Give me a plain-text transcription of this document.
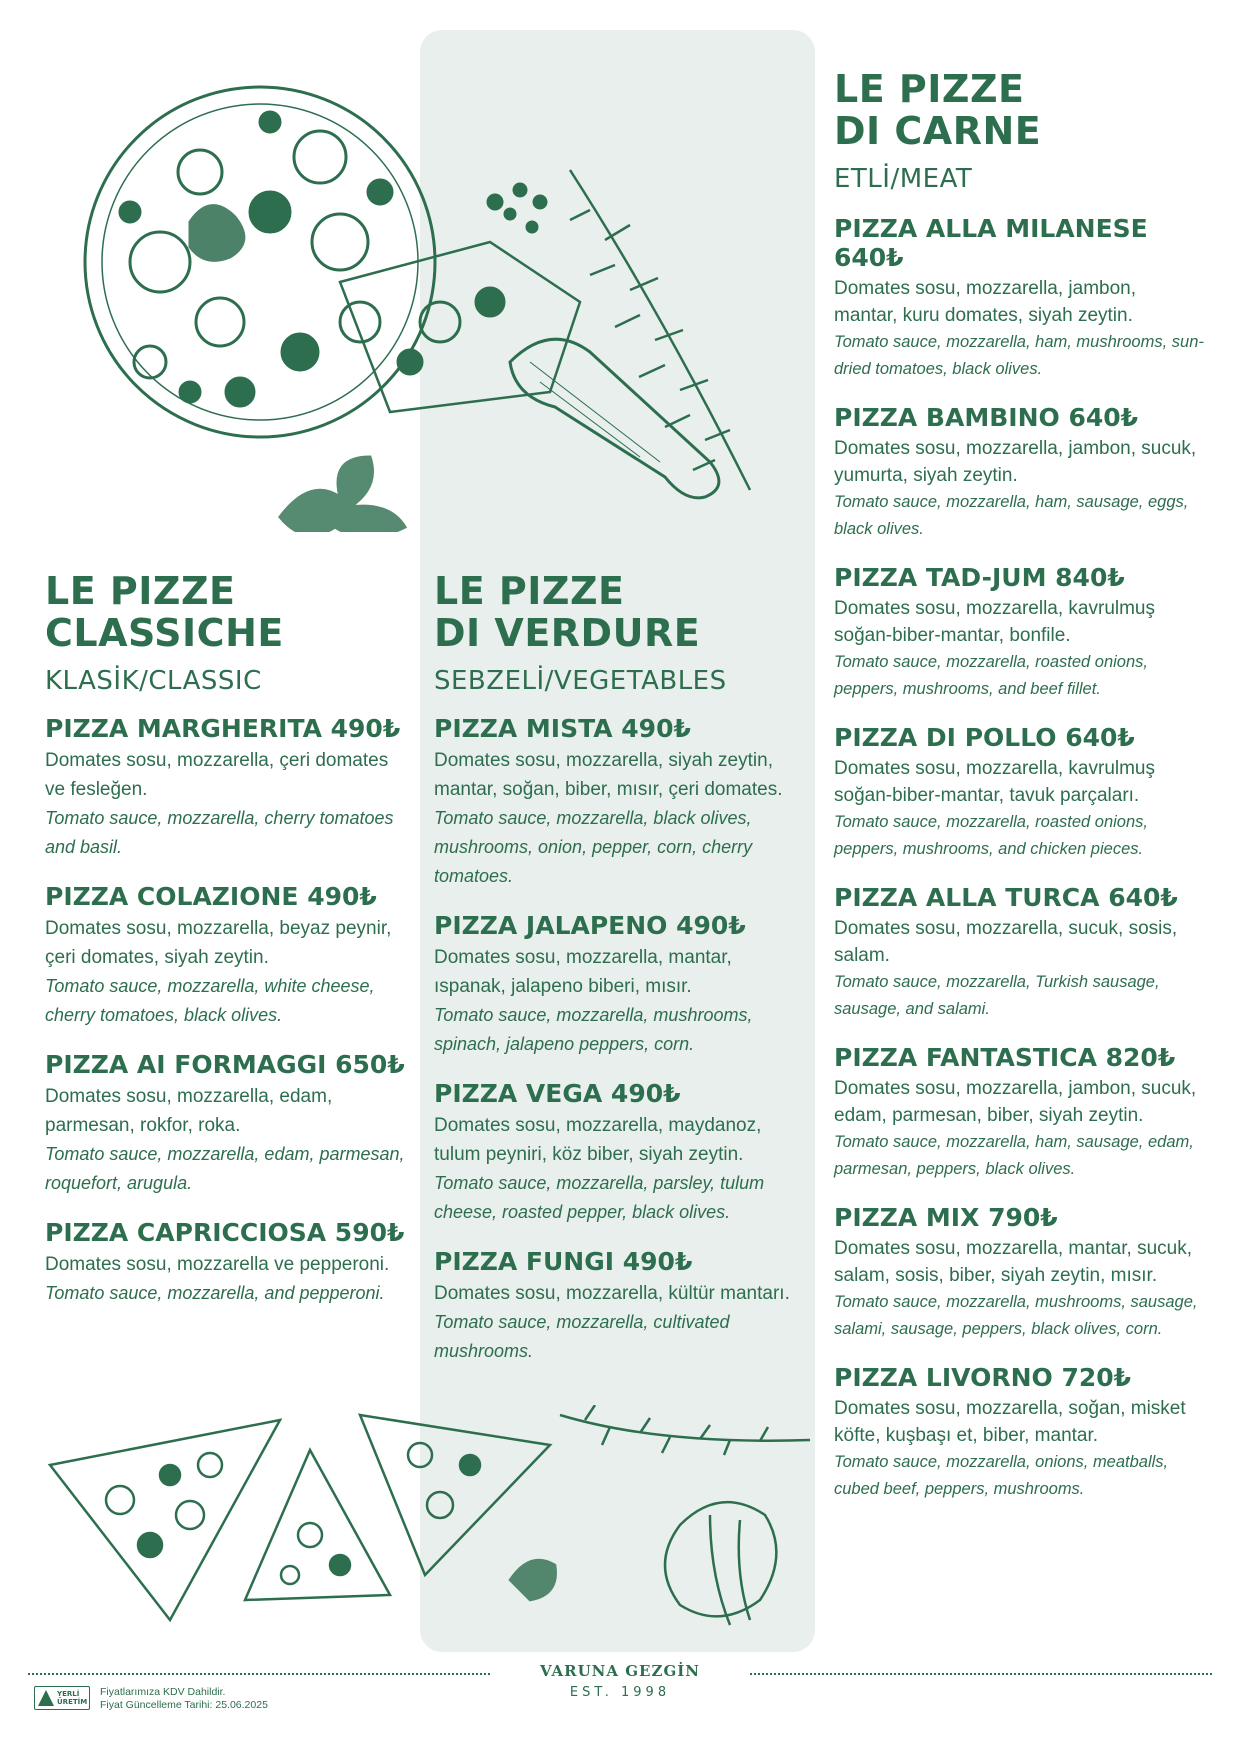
LE PIZZE
CLASSICHE
KLASİK/CLASSIC
PIZZA MARGHERITA 490₺
Domates sosu, mozzarella, çeri domates ve fesleğen.
Tomato sauce, mozzarella, cherry tomatoes and basil.
PIZZA COLAZIONE 490₺
Domates sosu, mozzarella, beyaz peynir, çeri domates, siyah zeytin.
Tomato sauce, mozzarella, white cheese, cherry tomatoes, black olives.
PIZZA AI FORMAGGI 650₺
Domates sosu, mozzarella, edam, parmesan, rokfor, roka.
Tomato sauce, mozzarella, edam, parmesan, roquefort, arugula.
PIZZA CAPRICCIOSA 590₺
Domates sosu, mozzarella ve pepperoni.
Tomato sauce, mozzarella, and pepperoni.
LE PIZZE
DI VERDURE
SEBZELİ/VEGETABLES
PIZZA MISTA 490₺
Domates sosu, mozzarella, siyah zeytin, mantar, soğan, biber, mısır, çeri domates.
Tomato sauce, mozzarella, black olives, mushrooms, onion, pepper, corn, cherry tomatoes.
PIZZA JALAPENO 490₺
Domates sosu, mozzarella, mantar, ıspanak, jalapeno biberi, mısır.
Tomato sauce, mozzarella, mushrooms, spinach, jalapeno peppers, corn.
PIZZA VEGA 490₺
Domates sosu, mozzarella, maydanoz, tulum peyniri, köz biber, siyah zeytin.
Tomato sauce, mozzarella, parsley, tulum cheese, roasted pepper, black olives.
PIZZA FUNGI 490₺
Domates sosu, mozzarella, kültür mantarı.
Tomato sauce, mozzarella, cultivated mushrooms.
LE PIZZE
DI CARNE
ETLİ/MEAT
PIZZA ALLA MILANESE 640₺
Domates sosu, mozzarella, jambon, mantar, kuru domates, siyah zeytin.
Tomato sauce, mozzarella, ham, mushrooms, sun-dried tomatoes, black olives.
PIZZA BAMBINO 640₺
Domates sosu, mozzarella, jambon, sucuk, yumurta, siyah zeytin.
Tomato sauce, mozzarella, ham, sausage, eggs, black olives.
PIZZA TAD-JUM 840₺
Domates sosu, mozzarella, kavrulmuş soğan-biber-mantar, bonfile.
Tomato sauce, mozzarella, roasted onions, peppers, mushrooms, and beef fillet.
PIZZA DI POLLO 640₺
Domates sosu, mozzarella, kavrulmuş soğan-biber-mantar, tavuk parçaları.
Tomato sauce, mozzarella, roasted onions, peppers, mushrooms, and chicken pieces.
PIZZA ALLA TURCA 640₺
Domates sosu, mozzarella, sucuk, sosis, salam.
Tomato sauce, mozzarella, Turkish sausage, sausage, and salami.
PIZZA FANTASTICA 820₺
Domates sosu, mozzarella, jambon, sucuk, edam, parmesan, biber, siyah zeytin.
Tomato sauce, mozzarella, ham, sausage, edam, parmesan, peppers, black olives.
PIZZA MIX 790₺
Domates sosu, mozzarella, mantar, sucuk, salam, sosis, biber, siyah zeytin, mısır.
Tomato sauce, mozzarella, mushrooms, sausage, salami, sausage, peppers, black olives, corn.
PIZZA LIVORNO 720₺
Domates sosu, mozzarella, soğan, misket köfte, kuşbaşı et, biber, mantar.
Tomato sauce, mozzarella, onions, meatballs, cubed beef, peppers, mushrooms.
VARUNA GEZGİN
EST. 1998
YERLİ
ÜRETİM
Fiyatlarımıza KDV Dahildir.
Fiyat Güncelleme Tarihi: 25.06.2025
